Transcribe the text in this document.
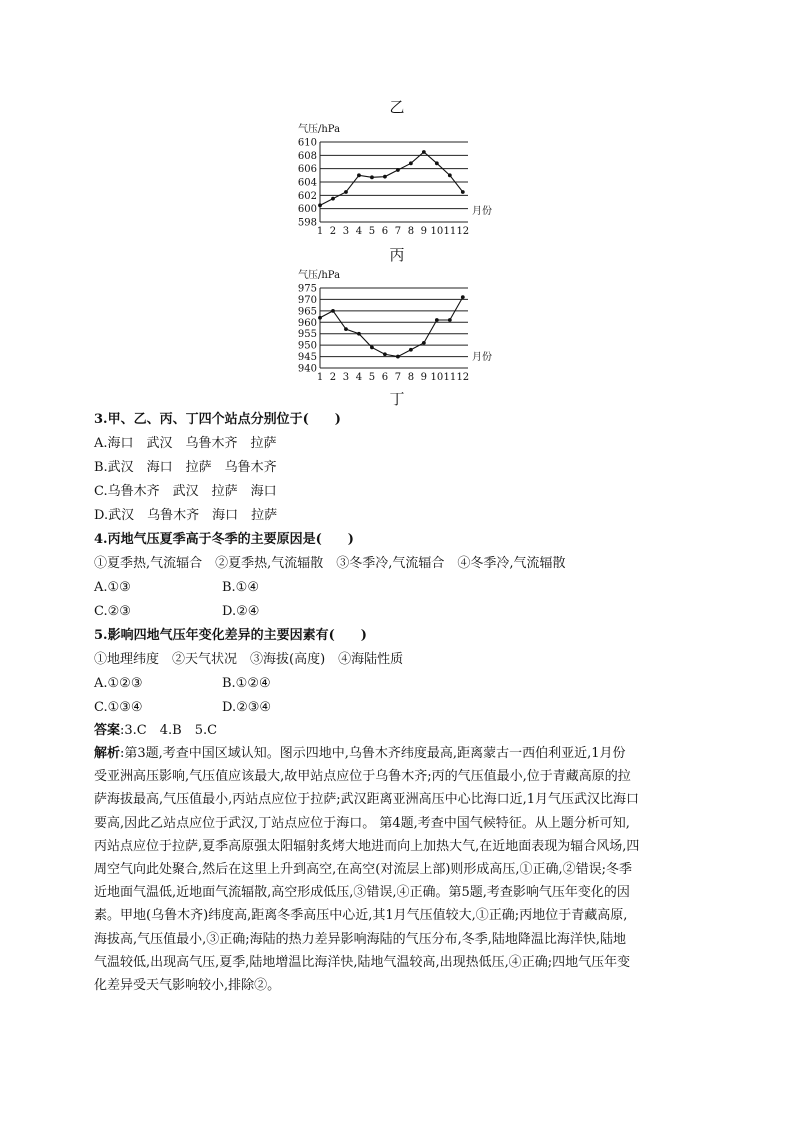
乙
气压/hPa
598
600
602
604
606
608
610
1 2 3 4 5 6 7 8 9 10 11 12
月份
丙
气压/hPa
940
945
950
955
960
965
970
975
1 2 3 4 5 6 7 8 9 10 11 12
月份
丁
3.甲、乙、丙、丁四个站点分别位于(　　)
A.海口　武汉　乌鲁木齐　拉萨
B.武汉　海口　拉萨　乌鲁木齐
C.乌鲁木齐　武汉　拉萨　海口
D.武汉　乌鲁木齐　海口　拉萨
4.丙地气压夏季高于冬季的主要原因是(　　)
①夏季热,气流辐合　②夏季热,气流辐散　③冬季冷,气流辐合　④冬季冷,气流辐散
A.①③	B.①④
C.②③	D.②④
5.影响四地气压年变化差异的主要因素有(　　)
①地理纬度　②天气状况　③海拔(高度)　④海陆性质
A.①②③	B.①②④
C.①③④	D.②③④
答案:3.C　4.B　5.C
解析:第3题,考查中国区域认知。图示四地中,乌鲁木齐纬度最高,距离蒙古一西伯利亚近,1月份
受亚洲高压影响,气压值应该最大,故甲站点应位于乌鲁木齐;丙的气压值最小,位于青藏高原的拉
萨海拔最高,气压值最小,丙站点应位于拉萨;武汉距离亚洲高压中心比海口近,1月气压武汉比海口
要高,因此乙站点应位于武汉,丁站点应位于海口。 第4题,考查中国气候特征。从上题分析可知,
丙站点应位于拉萨,夏季高原强太阳辐射炙烤大地进而向上加热大气,在近地面表现为辐合风场,四
周空气向此处聚合,然后在这里上升到高空,在高空(对流层上部)则形成高压,①正确,②错误;冬季
近地面气温低,近地面气流辐散,高空形成低压,③错误,④正确。第5题,考查影响气压年变化的因
素。甲地(乌鲁木齐)纬度高,距离冬季高压中心近,其1月气压值较大,①正确;丙地位于青藏高原,
海拔高,气压值最小,③正确;海陆的热力差异影响海陆的气压分布,冬季,陆地降温比海洋快,陆地
气温较低,出现高气压,夏季,陆地增温比海洋快,陆地气温较高,出现热低压,④正确;四地气压年变
化差异受天气影响较小,排除②。
